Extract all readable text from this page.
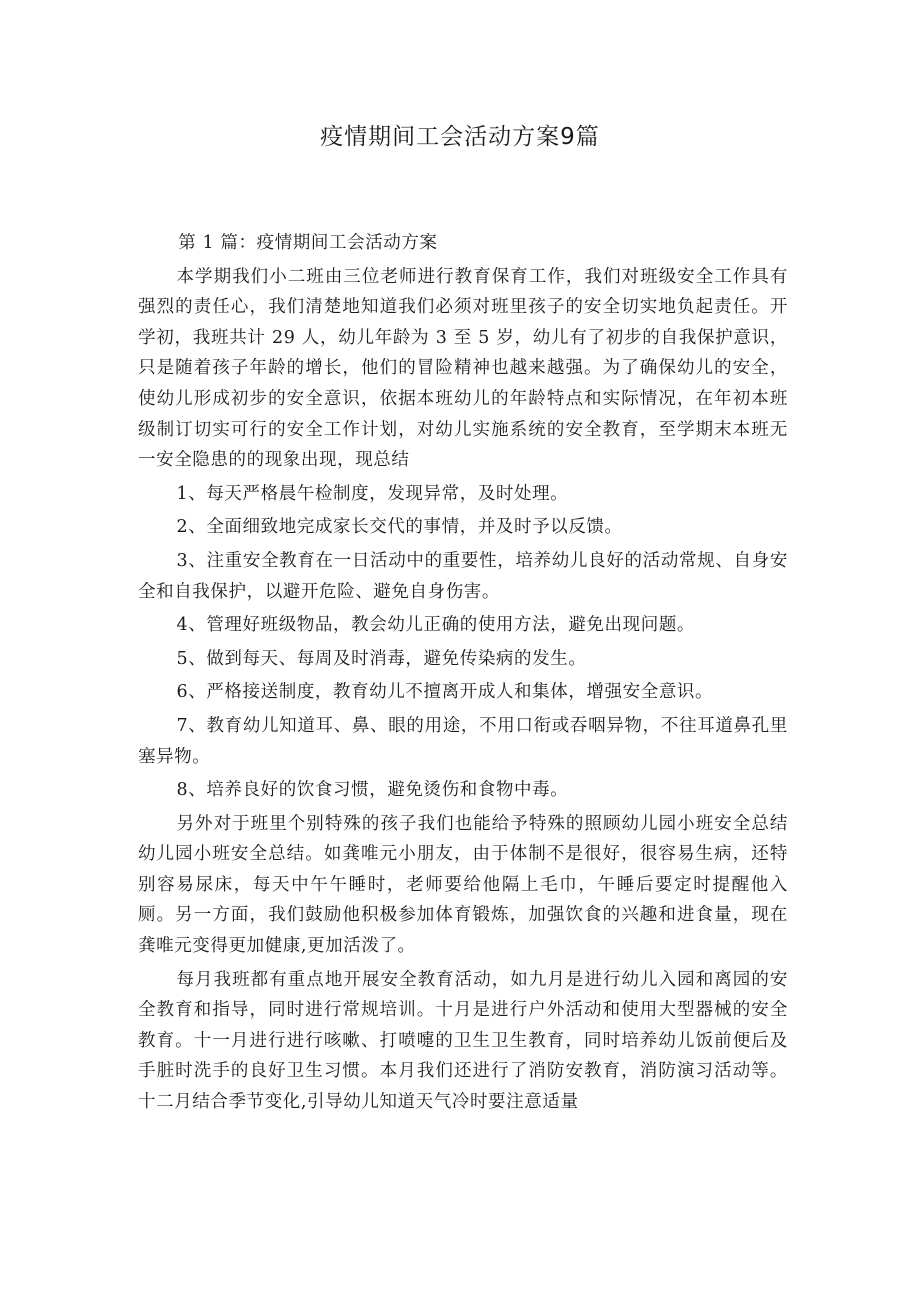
疫情期间工会活动方案9篇

第 1 篇：疫情期间工会活动方案

本学期我们小二班由三位老师进行教育保育工作，我们对班级安全工作具有强烈的责任心，我们清楚地知道我们必须对班里孩子的安全切实地负起责任。开学初，我班共计 29 人，幼儿年龄为 3 至 5 岁，幼儿有了初步的自我保护意识，只是随着孩子年龄的增长，他们的冒险精神也越来越强。为了确保幼儿的安全，使幼儿形成初步的安全意识，依据本班幼儿的年龄特点和实际情况，在年初本班级制订切实可行的安全工作计划，对幼儿实施系统的安全教育，至学期末本班无一安全隐患的的现象出现，现总结

1、每天严格晨午检制度，发现异常，及时处理。

2、全面细致地完成家长交代的事情，并及时予以反馈。

3、注重安全教育在一日活动中的重要性，培养幼儿良好的活动常规、自身安全和自我保护，以避开危险、避免自身伤害。

4、管理好班级物品，教会幼儿正确的使用方法，避免出现问题。

5、做到每天、每周及时消毒，避免传染病的发生。

6、严格接送制度，教育幼儿不擅离开成人和集体，增强安全意识。

7、教育幼儿知道耳、鼻、眼的用途，不用口衔或吞咽异物，不往耳道鼻孔里塞异物。

8、培养良好的饮食习惯，避免烫伤和食物中毒。

另外对于班里个别特殊的孩子我们也能给予特殊的照顾幼儿园小班安全总结幼儿园小班安全总结。如龚唯元小朋友，由于体制不是很好，很容易生病，还特别容易尿床，每天中午午睡时，老师要给他隔上毛巾，午睡后要定时提醒他入厕。另一方面，我们鼓励他积极参加体育锻炼，加强饮食的兴趣和进食量，现在龚唯元变得更加健康,更加活泼了。

每月我班都有重点地开展安全教育活动，如九月是进行幼儿入园和离园的安全教育和指导，同时进行常规培训。十月是进行户外活动和使用大型器械的安全教育。十一月进行进行咳嗽、打喷嚏的卫生卫生教育，同时培养幼儿饭前便后及手脏时洗手的良好卫生习惯。本月我们还进行了消防安教育，消防演习活动等。十二月结合季节变化,引导幼儿知道天气冷时要注意适量
